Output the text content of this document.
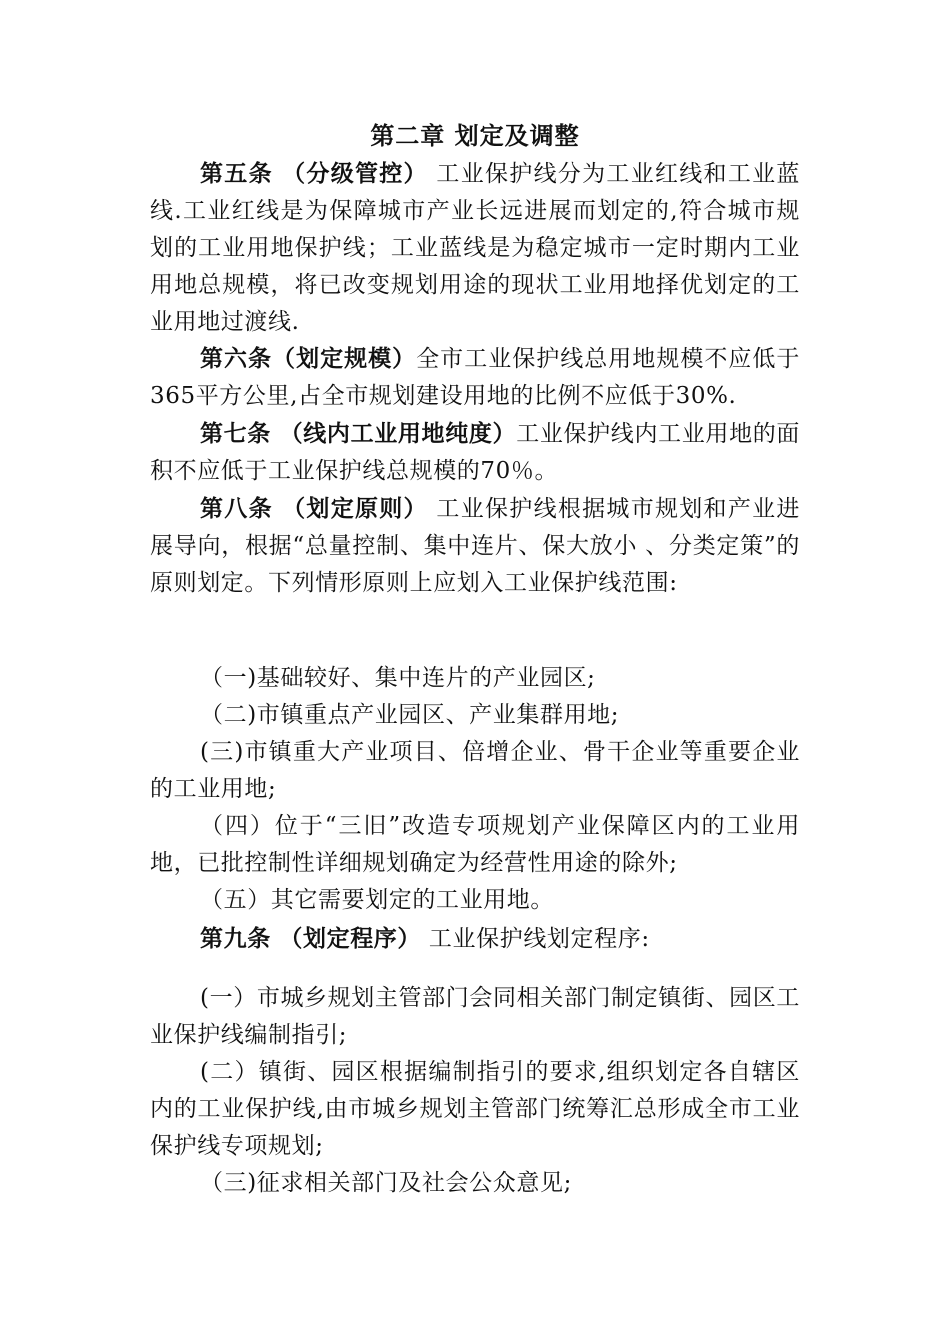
第二章 划定及调整
第五条 （分级管控） 工业保护线分为工业红线和工业蓝线.工业红线是为保障城市产业长远进展而划定的,符合城市规划的工业用地保护线；工业蓝线是为稳定城市一定时期内工业用地总规模，将已改变规划用途的现状工业用地择优划定的工业用地过渡线.
第六条（划定规模）全市工业保护线总用地规模不应低于365平方公里,占全市规划建设用地的比例不应低于30%.
第七条 （线内工业用地纯度）工业保护线内工业用地的面积不应低于工业保护线总规模的70％。
第八条 （划定原则） 工业保护线根据城市规划和产业进展导向，根据“总量控制、集中连片、保大放小 、分类定策”的原则划定。下列情形原则上应划入工业保护线范围:
（一)基础较好、集中连片的产业园区;
（二)市镇重点产业园区、产业集群用地;
(三)市镇重大产业项目、倍增企业、骨干企业等重要企业的工业用地;
（四）位于“三旧”改造专项规划产业保障区内的工业用地，已批控制性详细规划确定为经营性用途的除外;
（五）其它需要划定的工业用地。
第九条 （划定程序） 工业保护线划定程序:
(一）市城乡规划主管部门会同相关部门制定镇街、园区工业保护线编制指引;
(二）镇街、园区根据编制指引的要求,组织划定各自辖区内的工业保护线,由市城乡规划主管部门统筹汇总形成全市工业保护线专项规划;
（三)征求相关部门及社会公众意见;
